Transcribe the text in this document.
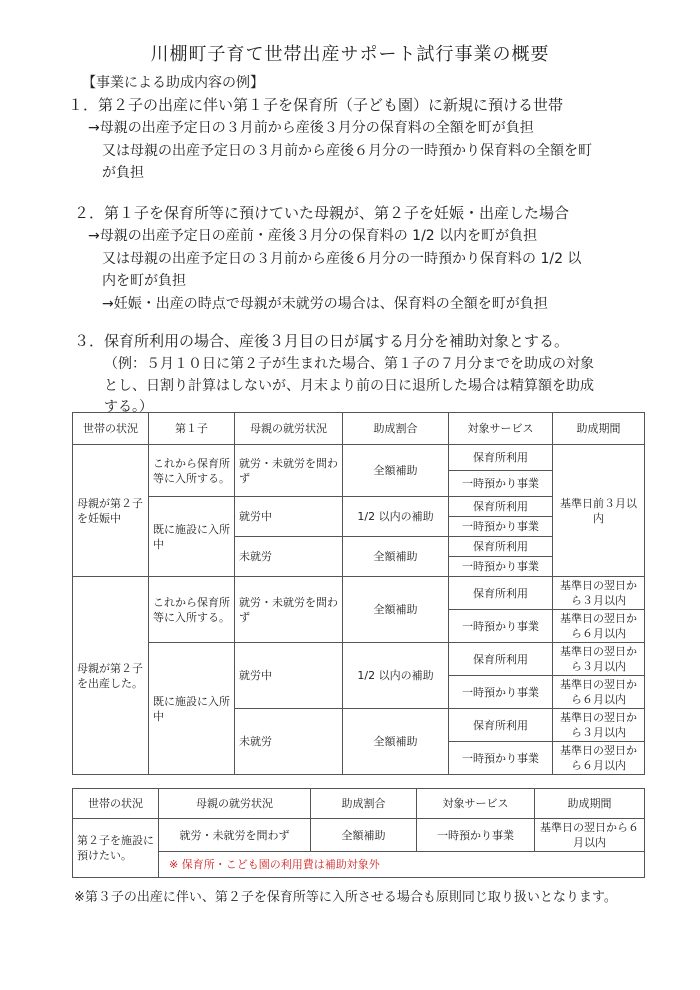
川棚町子育て世帯出産サポート試行事業の概要
【事業による助成内容の例】
１．第２子の出産に伴い第１子を保育所（子ども園）に新規に預ける世帯
→母親の出産予定日の３月前から産後３月分の保育料の全額を町が負担
又は母親の出産予定日の３月前から産後６月分の一時預かり保育料の全額を町
が負担
２．第１子を保育所等に預けていた母親が、第２子を妊娠・出産した場合
→母親の出産予定日の産前・産後３月分の保育料の 1/2 以内を町が負担
又は母親の出産予定日の３月前から産後６月分の一時預かり保育料の 1/2 以
内を町が負担
→妊娠・出産の時点で母親が未就労の場合は、保育料の全額を町が負担
３．保育所利用の場合、産後３月目の日が属する月分を補助対象とする。
（例：５月１０日に第２子が生まれた場合、第１子の７月分までを助成の対象
とし、日割り計算はしないが、月末より前の日に退所した場合は精算額を助成
する。）
世帯の状況	第１子	母親の就労状況	助成割合	対象サービス	助成期間
母親が第２子を妊娠中	これから保育所等に入所する。	就労・未就労を問わず	全額補助	保育所利用	基準日前３月以内
				一時預かり事業	
	既に施設に入所中	就労中	1/2 以内の補助	保育所利用	
				一時預かり事業	
		未就労	全額補助	保育所利用	
				一時預かり事業	
母親が第２子を出産した。	これから保育所等に入所する。	就労・未就労を問わず	全額補助	保育所利用	基準日の翌日から３月以内
				一時預かり事業	基準日の翌日から６月以内
	既に施設に入所中	就労中	1/2 以内の補助	保育所利用	基準日の翌日から３月以内
				一時預かり事業	基準日の翌日から６月以内
		未就労	全額補助	保育所利用	基準日の翌日から３月以内
				一時預かり事業	基準日の翌日から６月以内
世帯の状況	母親の就労状況	助成割合	対象サービス	助成期間
第２子を施設に預けたい。	就労・未就労を問わず	全額補助	一時預かり事業	基準日の翌日から６月以内
	※ 保育所・こども園の利用費は補助対象外			
※第３子の出産に伴い、第２子を保育所等に入所させる場合も原則同じ取り扱いとなります。
